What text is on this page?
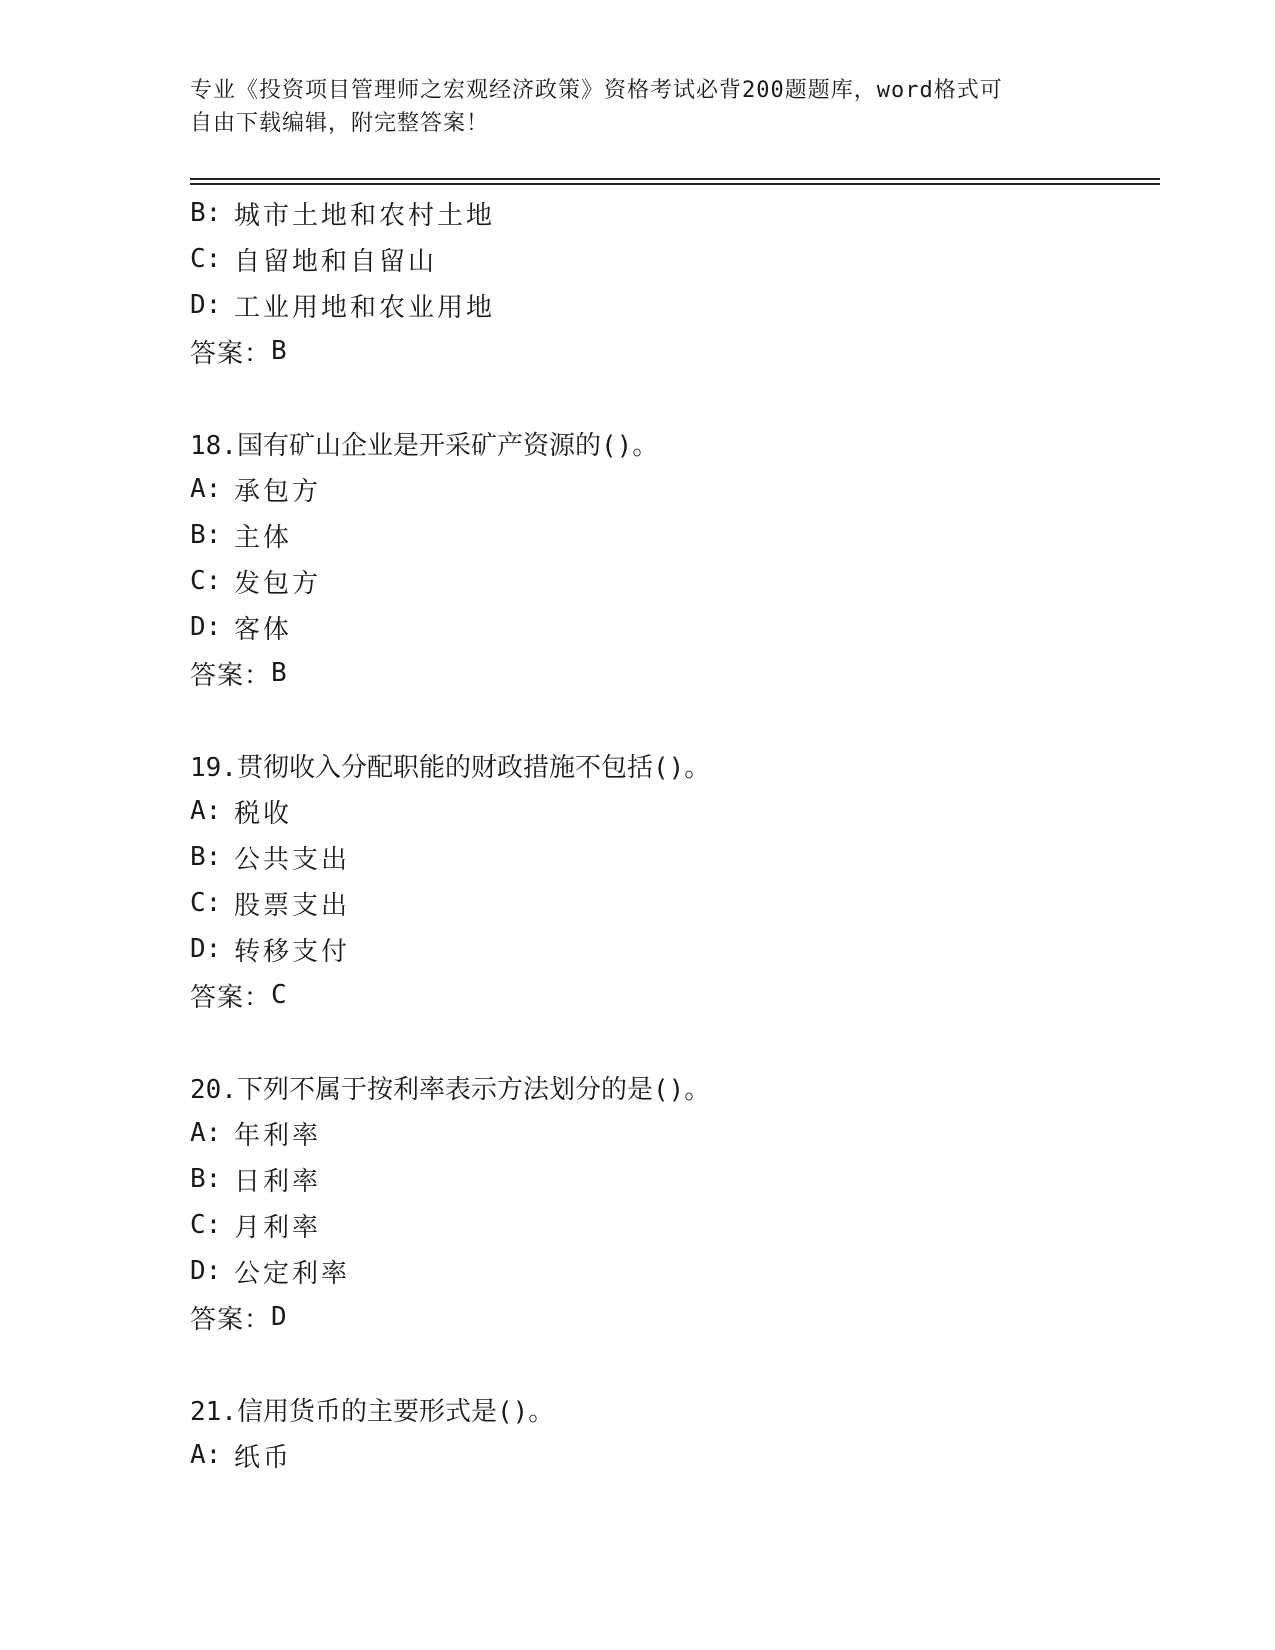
专业《投资项目管理师之宏观经济政策》资格考试必背200题题库，word格式可
自由下载编辑，附完整答案！
B: 城市土地和农村土地
C: 自留地和自留山
D: 工业用地和农业用地
答案： B
18.国有矿山企业是开采矿产资源的()。
A: 承包方
B: 主体
C: 发包方
D: 客体
答案： B
19.贯彻收入分配职能的财政措施不包括()。
A: 税收
B: 公共支出
C: 股票支出
D: 转移支付
答案： C
20.下列不属于按利率表示方法划分的是()。
A: 年利率
B: 日利率
C: 月利率
D: 公定利率
答案： D
21.信用货币的主要形式是()。
A: 纸币
